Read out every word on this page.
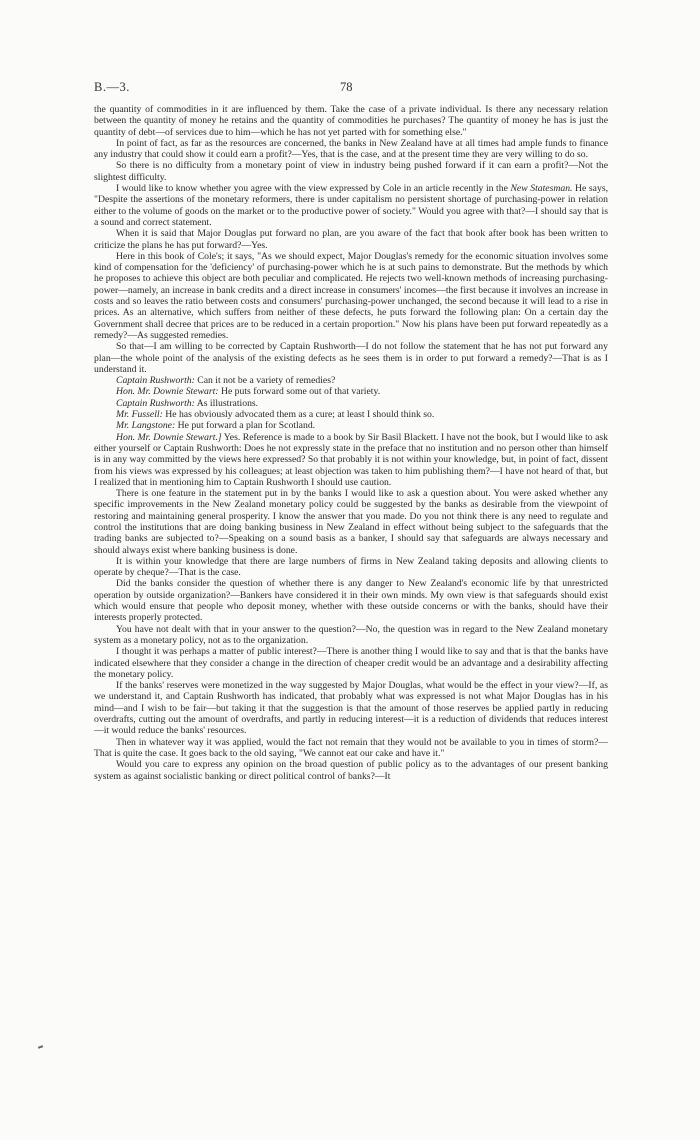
B.—3.	78

the quantity of commodities in it are influenced by them. Take the case of a private individual. Is there any necessary relation between the quantity of money he retains and the quantity of commodities he purchases? The quantity of money he has is just the quantity of debt—of services due to him—which he has not yet parted with for something else."

In point of fact, as far as the resources are concerned, the banks in New Zealand have at all times had ample funds to finance any industry that could show it could earn a profit?—Yes, that is the case, and at the present time they are very willing to do so.

So there is no difficulty from a monetary point of view in industry being pushed forward if it can earn a profit?—Not the slightest difficulty.

I would like to know whether you agree with the view expressed by Cole in an article recently in the New Statesman. He says, "Despite the assertions of the monetary reformers, there is under capitalism no persistent shortage of purchasing-power in relation either to the volume of goods on the market or to the productive power of society." Would you agree with that?—I should say that is a sound and correct statement.

When it is said that Major Douglas put forward no plan, are you aware of the fact that book after book has been written to criticize the plans he has put forward?—Yes.

Here in this book of Cole's; it says, "As we should expect, Major Douglas's remedy for the economic situation involves some kind of compensation for the 'deficiency' of purchasing-power which he is at such pains to demonstrate. But the methods by which he proposes to achieve this object are both peculiar and complicated. He rejects two well-known methods of increasing purchasing-power—namely, an increase in bank credits and a direct increase in consumers' incomes—the first because it involves an increase in costs and so leaves the ratio between costs and consumers' purchasing-power unchanged, the second because it will lead to a rise in prices. As an alternative, which suffers from neither of these defects, he puts forward the following plan: On a certain day the Government shall decree that prices are to be reduced in a certain proportion." Now his plans have been put forward repeatedly as a remedy?—As suggested remedies.

So that—I am willing to be corrected by Captain Rushworth—I do not follow the statement that he has not put forward any plan—the whole point of the analysis of the existing defects as he sees them is in order to put forward a remedy?—That is as I understand it.

Captain Rushworth: Can it not be a variety of remedies?

Hon. Mr. Downie Stewart: He puts forward some out of that variety.

Captain Rushworth: As illustrations.

Mr. Fussell: He has obviously advocated them as a cure; at least I should think so.

Mr. Langstone: He put forward a plan for Scotland.

Hon. Mr. Downie Stewart.] Yes. Reference is made to a book by Sir Basil Blackett. I have not the book, but I would like to ask either yourself or Captain Rushworth: Does he not expressly state in the preface that no institution and no person other than himself is in any way committed by the views here expressed? So that probably it is not within your knowledge, but, in point of fact, dissent from his views was expressed by his colleagues; at least objection was taken to him publishing them?—I have not heard of that, but I realized that in mentioning him to Captain Rushworth I should use caution.

There is one feature in the statement put in by the banks I would like to ask a question about. You were asked whether any specific improvements in the New Zealand monetary policy could be suggested by the banks as desirable from the viewpoint of restoring and maintaining general prosperity. I know the answer that you made. Do you not think there is any need to regulate and control the institutions that are doing banking business in New Zealand in effect without being subject to the safeguards that the trading banks are subjected to?—Speaking on a sound basis as a banker, I should say that safeguards are always necessary and should always exist where banking business is done.

It is within your knowledge that there are large numbers of firms in New Zealand taking deposits and allowing clients to operate by cheque?—That is the case.

Did the banks consider the question of whether there is any danger to New Zealand's economic life by that unrestricted operation by outside organization?—Bankers have considered it in their own minds. My own view is that safeguards should exist which would ensure that people who deposit money, whether with these outside concerns or with the banks, should have their interests properly protected.

You have not dealt with that in your answer to the question?—No, the question was in regard to the New Zealand monetary system as a monetary policy, not as to the organization.

I thought it was perhaps a matter of public interest?—There is another thing I would like to say and that is that the banks have indicated elsewhere that they consider a change in the direction of cheaper credit would be an advantage and a desirability affecting the monetary policy.

If the banks' reserves were monetized in the way suggested by Major Douglas, what would be the effect in your view?—If, as we understand it, and Captain Rushworth has indicated, that probably what was expressed is not what Major Douglas has in his mind—and I wish to be fair—but taking it that the suggestion is that the amount of those reserves be applied partly in reducing overdrafts, cutting out the amount of overdrafts, and partly in reducing interest—it is a reduction of dividends that reduces interest—it would reduce the banks' resources.

Then in whatever way it was applied, would the fact not remain that they would not be available to you in times of storm?—That is quite the case. It goes back to the old saying, "We cannot eat our cake and have it."

Would you care to express any opinion on the broad question of public policy as to the advantages of our present banking system as against socialistic banking or direct political control of banks?—It
